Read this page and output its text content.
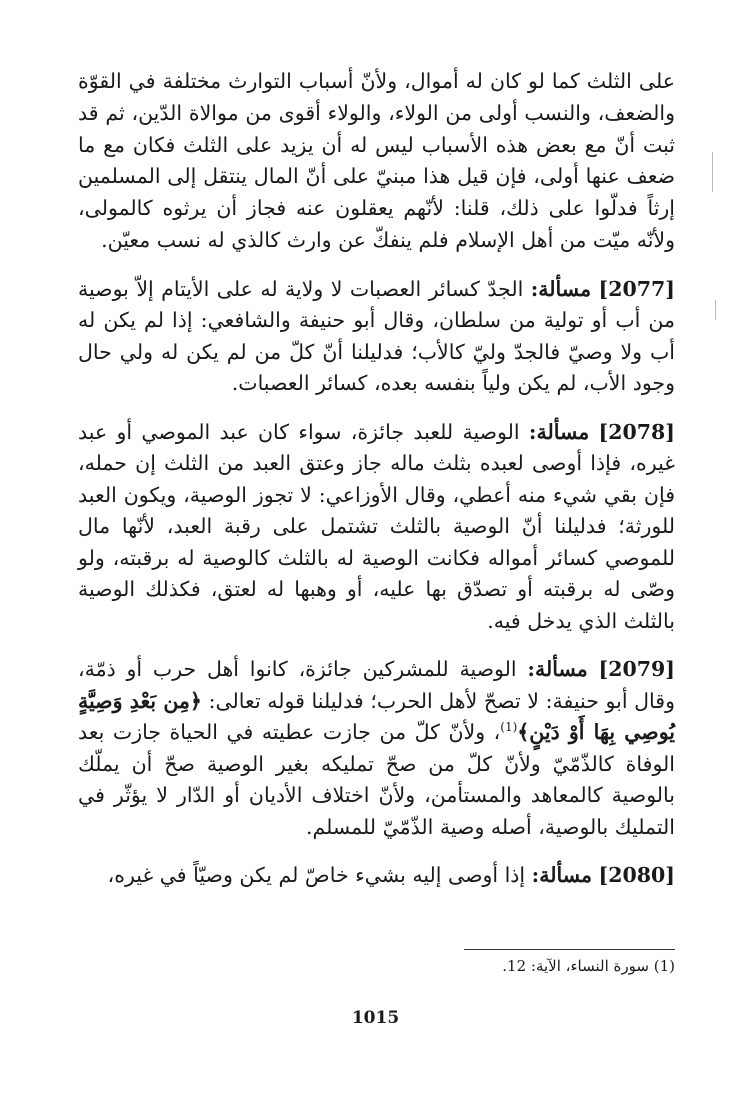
على الثلث كما لو كان له أموال، ولأنّ أسباب التوارث مختلفة في القوّة والضعف، والنسب أولى من الولاء، والولاء أقوى من موالاة الدّين، ثم قد ثبت أنّ مع بعض هذه الأسباب ليس له أن يزيد على الثلث فكان مع ما ضعف عنها أولى، فإن قيل هذا مبنيّ على أنّ المال ينتقل إلى المسلمين إرثاً فدلّوا على ذلك، قلنا: لأنّهم يعقلون عنه فجاز أن يرثوه كالمولى، ولأنّه ميّت من أهل الإسلام فلم ينفكّ عن وارث كالذي له نسب معيّن.

[2077] مسألة: الجدّ كسائر العصبات لا ولاية له على الأيتام إلاّ بوصية من أب أو تولية من سلطان، وقال أبو حنيفة والشافعي: إذا لم يكن له أب ولا وصيّ فالجدّ وليّ كالأب؛ فدليلنا أنّ كلّ من لم يكن له ولي حال وجود الأب، لم يكن ولياً بنفسه بعده، كسائر العصبات.

[2078] مسألة: الوصية للعبد جائزة، سواء كان عبد الموصي أو عبد غيره، فإذا أوصى لعبده بثلث ماله جاز وعتق العبد من الثلث إن حمله، فإن بقي شيء منه أعطي، وقال الأوزاعي: لا تجوز الوصية، ويكون العبد للورثة؛ فدليلنا أنّ الوصية بالثلث تشتمل على رقبة العبد، لأنّها مال للموصي كسائر أمواله فكانت الوصية له بالثلث كالوصية له برقبته، ولو وصّى له برقبته أو تصدّق بها عليه، أو وهبها له لعتق، فكذلك الوصية بالثلث الذي يدخل فيه.

[2079] مسألة: الوصية للمشركين جائزة، كانوا أهل حرب أو ذمّة، وقال أبو حنيفة: لا تصحّ لأهل الحرب؛ فدليلنا قوله تعالى: ﴿مِن بَعْدِ وَصِيَّةٍ يُوصِي بِهَا أَوْ دَيْنٍ﴾$^{(1)}$، ولأنّ كلّ من جازت عطيته في الحياة جازت بعد الوفاة كالذّمّيّ ولأنّ كلّ من صحّ تمليكه بغير الوصية صحّ أن يملّك بالوصية كالمعاهد والمستأمن، ولأنّ اختلاف الأديان أو الدّار لا يؤثّر في التمليك بالوصية، أصله وصية الذّمّيّ للمسلم.

[2080] مسألة: إذا أوصى إليه بشيء خاصّ لم يكن وصيّاً في غيره،

(1) سورة النساء، الآية: 12.
1015
